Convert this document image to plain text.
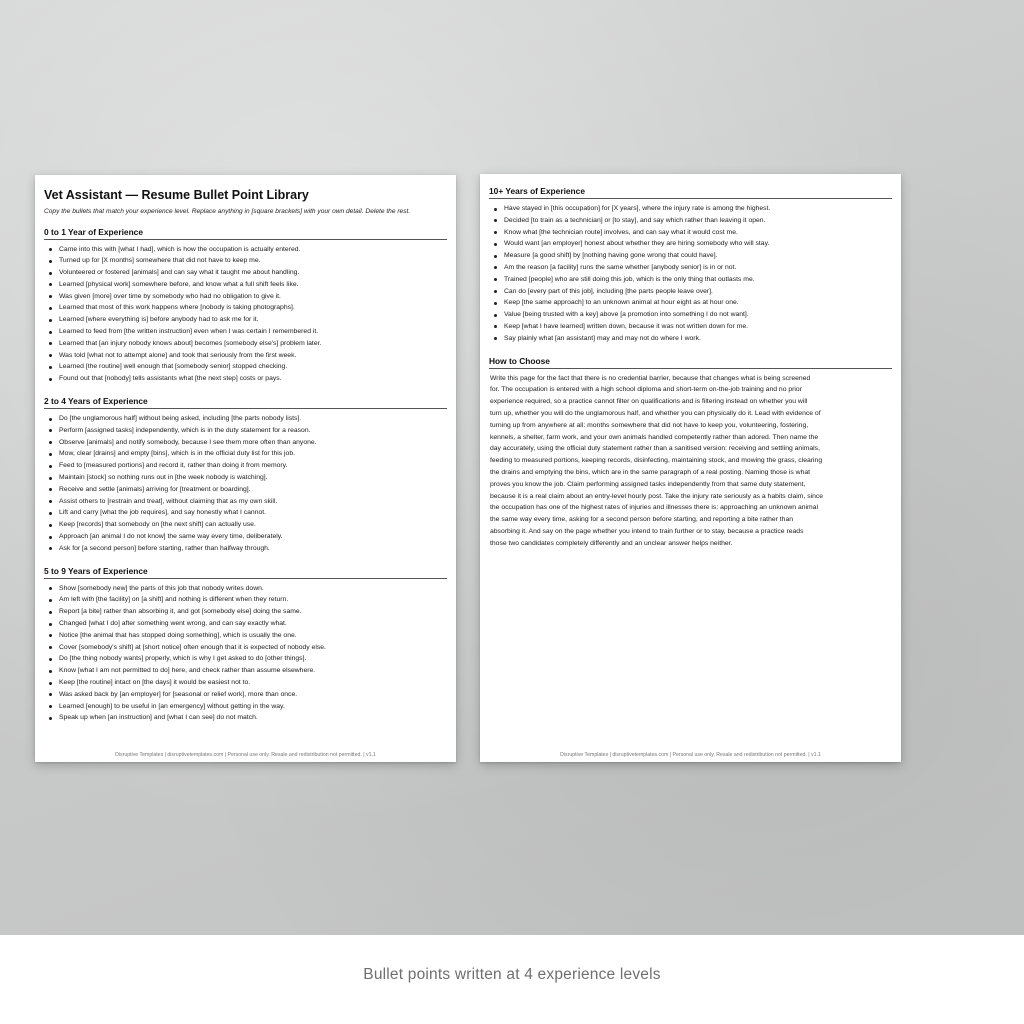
Vet Assistant — Resume Bullet Point Library
Copy the bullets that match your experience level. Replace anything in [square brackets] with your own detail. Delete the rest.
0 to 1 Year of Experience
Came into this with [what I had], which is how the occupation is actually entered.
Turned up for [X months] somewhere that did not have to keep me.
Volunteered or fostered [animals] and can say what it taught me about handling.
Learned [physical work] somewhere before, and know what a full shift feels like.
Was given [more] over time by somebody who had no obligation to give it.
Learned that most of this work happens where [nobody is taking photographs].
Learned [where everything is] before anybody had to ask me for it.
Learned to feed from [the written instruction] even when I was certain I remembered it.
Learned that [an injury nobody knows about] becomes [somebody else's] problem later.
Was told [what not to attempt alone] and took that seriously from the first week.
Learned [the routine] well enough that [somebody senior] stopped checking.
Found out that [nobody] tells assistants what [the next step] costs or pays.
2 to 4 Years of Experience
Do [the unglamorous half] without being asked, including [the parts nobody lists].
Perform [assigned tasks] independently, which is in the duty statement for a reason.
Observe [animals] and notify somebody, because I see them more often than anyone.
Mow, clear [drains] and empty [bins], which is in the official duty list for this job.
Feed to [measured portions] and record it, rather than doing it from memory.
Maintain [stock] so nothing runs out in [the week nobody is watching].
Receive and settle [animals] arriving for [treatment or boarding].
Assist others to [restrain and treat], without claiming that as my own skill.
Lift and carry [what the job requires], and say honestly what I cannot.
Keep [records] that somebody on [the next shift] can actually use.
Approach [an animal I do not know] the same way every time, deliberately.
Ask for [a second person] before starting, rather than halfway through.
5 to 9 Years of Experience
Show [somebody new] the parts of this job that nobody writes down.
Am left with [the facility] on [a shift] and nothing is different when they return.
Report [a bite] rather than absorbing it, and got [somebody else] doing the same.
Changed [what I do] after something went wrong, and can say exactly what.
Notice [the animal that has stopped doing something], which is usually the one.
Cover [somebody's shift] at [short notice] often enough that it is expected of nobody else.
Do [the thing nobody wants] properly, which is why I get asked to do [other things].
Know [what I am not permitted to do] here, and check rather than assume elsewhere.
Keep [the routine] intact on [the days] it would be easiest not to.
Was asked back by [an employer] for [seasonal or relief work], more than once.
Learned [enough] to be useful in [an emergency] without getting in the way.
Speak up when [an instruction] and [what I can see] do not match.
Disruptive Templates | disruptivetemplates.com | Personal use only. Resale and redistribution not permitted. | v1.1
10+ Years of Experience
Have stayed in [this occupation] for [X years], where the injury rate is among the highest.
Decided [to train as a technician] or [to stay], and say which rather than leaving it open.
Know what [the technician route] involves, and can say what it would cost me.
Would want [an employer] honest about whether they are hiring somebody who will stay.
Measure [a good shift] by [nothing having gone wrong that could have].
Am the reason [a facility] runs the same whether [anybody senior] is in or not.
Trained [people] who are still doing this job, which is the only thing that outlasts me.
Can do [every part of this job], including [the parts people leave over].
Keep [the same approach] to an unknown animal at hour eight as at hour one.
Value [being trusted with a key] above [a promotion into something I do not want].
Keep [what I have learned] written down, because it was not written down for me.
Say plainly what [an assistant] may and may not do where I work.
How to Choose
Write this page for the fact that there is no credential barrier, because that changes what is being screened
for. The occupation is entered with a high school diploma and short-term on-the-job training and no prior
experience required, so a practice cannot filter on qualifications and is filtering instead on whether you will
turn up, whether you will do the unglamorous half, and whether you can physically do it. Lead with evidence of
turning up from anywhere at all: months somewhere that did not have to keep you, volunteering, fostering,
kennels, a shelter, farm work, and your own animals handled competently rather than adored. Then name the
day accurately, using the official duty statement rather than a sanitised version: receiving and settling animals,
feeding to measured portions, keeping records, disinfecting, maintaining stock, and mowing the grass, clearing
the drains and emptying the bins, which are in the same paragraph of a real posting. Naming those is what
proves you know the job. Claim performing assigned tasks independently from that same duty statement,
because it is a real claim about an entry-level hourly post. Take the injury rate seriously as a habits claim, since
the occupation has one of the highest rates of injuries and illnesses there is: approaching an unknown animal
the same way every time, asking for a second person before starting, and reporting a bite rather than
absorbing it. And say on the page whether you intend to train further or to stay, because a practice reads
those two candidates completely differently and an unclear answer helps neither.
Disruptive Templates | disruptivetemplates.com | Personal use only. Resale and redistribution not permitted. | v1.1
Bullet points written at 4 experience levels
